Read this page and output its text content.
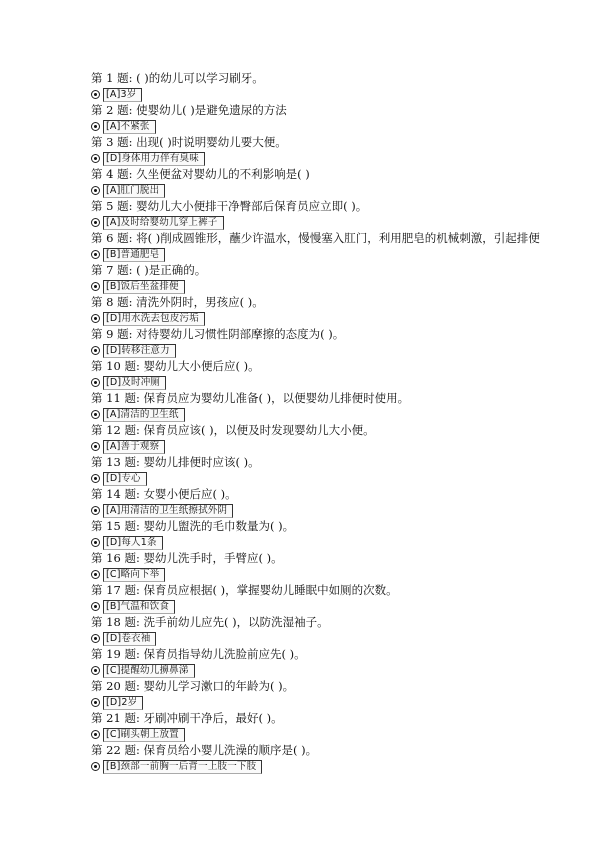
第 1 题: ( )的幼儿可以学习刷牙。
[A]3岁
第 2 题: 使婴幼儿( )是避免遗尿的方法
[A]不紧张
第 3 题: 出现( )时说明婴幼儿要大便。
[D]身体用力伴有臭味
第 4 题: 久坐便盆对婴幼儿的不利影响是( )
[A]肛门脱出
第 5 题: 婴幼儿大小便排干净臀部后保育员应立即( )。
[A]及时给婴幼儿穿上裤子
第 6 题: 将( )削成圆锥形，蘸少许温水，慢慢塞入肛门，利用肥皂的机械刺激，引起排便
[B]普通肥皂
第 7 题: ( )是正确的。
[B]饭后坐盆排便
第 8 题: 清洗外阴时，男孩应( )。
[D]用水洗去包皮污垢
第 9 题: 对待婴幼儿习惯性阴部摩擦的态度为( )。
[D]转移注意力
第 10 题: 婴幼儿大小便后应( )。
[D]及时冲厕
第 11 题: 保育员应为婴幼儿准备( )，以便婴幼儿排便时使用。
[A]清洁的卫生纸
第 12 题: 保育员应该( )，以便及时发现婴幼儿大小便。
[A]善于观察
第 13 题: 婴幼儿排便时应该( )。
[D]专心
第 14 题: 女婴小便后应( )。
[A]用清洁的卫生纸擦拭外阴
第 15 题: 婴幼儿盥洗的毛巾数量为( )。
[D]每人1条
第 16 题: 婴幼儿洗手时，手臂应( )。
[C]略向下举
第 17 题: 保育员应根据( )，掌握婴幼儿睡眠中如厕的次数。
[B]气温和饮食
第 18 题: 洗手前幼儿应先( )，以防洗湿袖子。
[D]卷衣袖
第 19 题: 保育员指导幼儿洗脸前应先( )。
[C]提醒幼儿擤鼻涕
第 20 题: 婴幼儿学习漱口的年龄为( )。
[D]2岁
第 21 题: 牙刷冲刷干净后，最好( )。
[C]刷头朝上放置
第 22 题: 保育员给小婴儿洗澡的顺序是( )。
[B]颈部一前胸一后背一上肢一下肢
